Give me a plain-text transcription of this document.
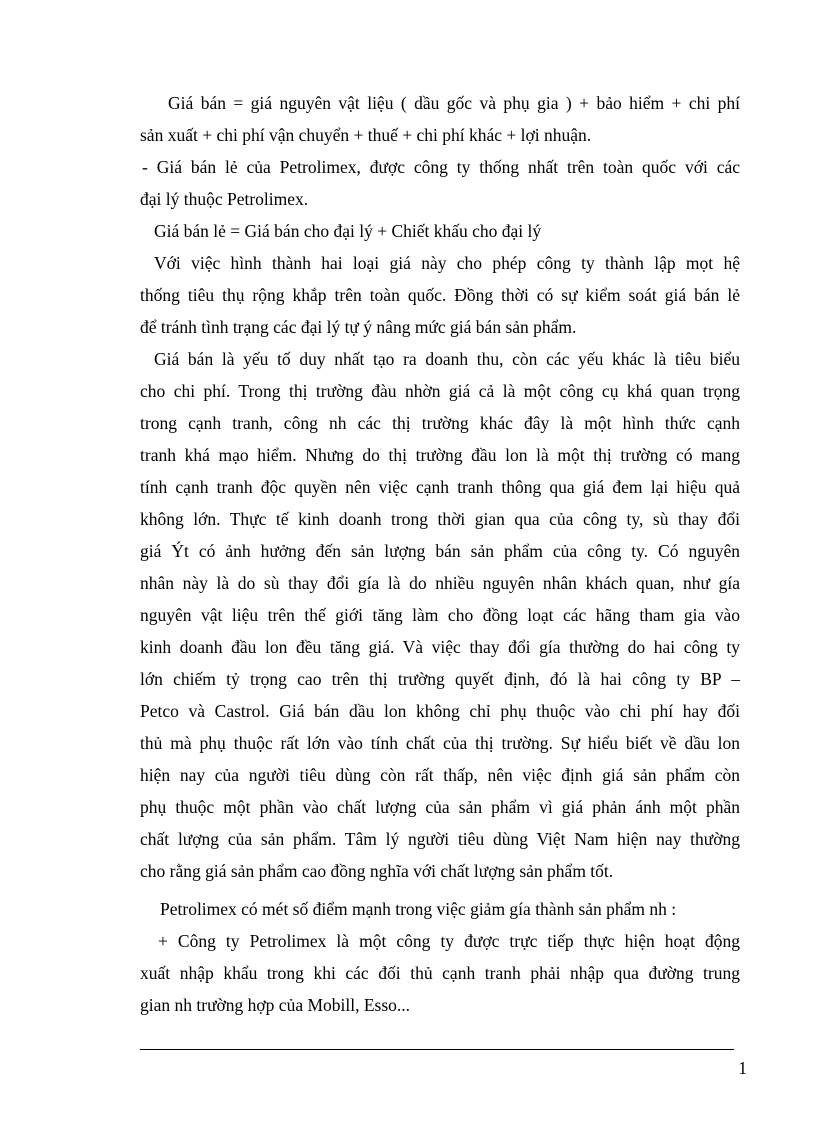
Giá bán = giá nguyên vật liệu ( dầu gốc và phụ gia ) + bảo hiểm + chi phí
sản xuất + chi phí vận chuyển + thuế + chi phí khác + lợi nhuận.
- Giá bán lẻ của Petrolimex, được công ty thống nhất trên toàn quốc với các
đại lý thuộc Petrolimex.
Giá bán lẻ = Giá bán cho đại lý + Chiết khấu cho đại lý
Với việc hình thành hai loại giá này cho phép công ty thành lập mọt hệ
thống tiêu thụ rộng khắp trên toàn quốc. Đồng thời có sự kiểm soát giá bán lẻ
để tránh tình trạng các đại lý tự ý nâng mức giá bán sản phẩm.
Giá bán là yếu tố duy nhất tạo ra doanh thu, còn các yếu khác là tiêu biểu
cho chi phí. Trong thị trường đàu nhờn giá cả là một công cụ khá quan trọng
trong cạnh tranh, công nh các thị trường khác đây là một hình thức cạnh
tranh khá mạo hiểm. Nhưng do thị trường đầu lon là một thị trường có mang
tính cạnh tranh độc quyền nên việc cạnh tranh thông qua giá đem lại hiệu quả
không lớn. Thực tế kinh doanh trong thời gian qua của công ty, sù thay đổi
giá Ýt có ảnh hưởng đến sản lượng bán sản phẩm của công ty. Có nguyên
nhân này là do sù thay đổi gía là do nhiều nguyên nhân khách quan, như gía
nguyên vật liệu trên thế giới tăng làm cho đồng loạt các hãng tham gia vào
kinh doanh đầu lon đều tăng giá. Và việc thay đổi gía thường do hai công ty
lớn chiếm tỷ trọng cao trên thị trường quyết định, đó là hai công ty BP –
Petco và Castrol. Giá bán dầu lon không chỉ phụ thuộc vào chi phí hay đối
thủ mà phụ thuộc rất lớn vào tính chất của thị trường. Sự hiểu biết về dầu lon
hiện nay của người tiêu dùng còn rất thấp, nên việc định giá sản phẩm còn
phụ thuộc một phần vào chất lượng của sản phẩm vì giá phản ánh một phần
chất lượng của sản phẩm. Tâm lý người tiêu dùng Việt Nam hiện nay thường
cho rằng giá sản phẩm cao đồng nghĩa với chất lượng sản phẩm tốt.
Petrolimex có mét số điểm mạnh trong việc giảm gía thành sản phẩm nh :
+ Công ty Petrolimex là một công ty được trực tiếp thực hiện hoạt động
xuất nhập khẩu trong khi các đối thủ cạnh tranh phải nhập qua đường trung
gian nh trường hợp của Mobill, Esso...
1
